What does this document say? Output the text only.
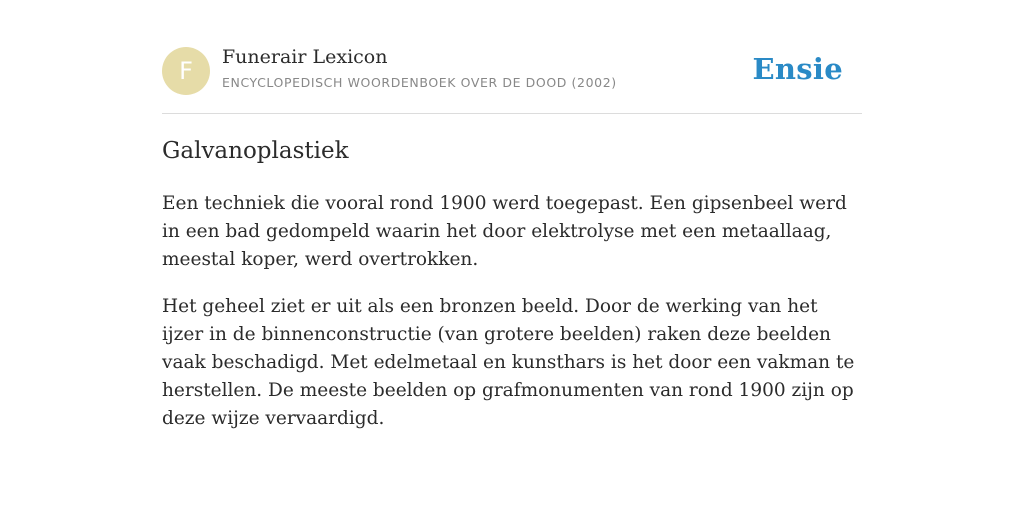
F	Funerair Lexicon
ENCYCLOPEDISCH WOORDENBOEK OVER DE DOOD (2002)	Ensie
Galvanoplastiek

Een techniek die vooral rond 1900 werd toegepast. Een gipsenbeel werd in een bad gedompeld waarin het door elektrolyse met een metaallaag, meestal koper, werd overtrokken.

Het geheel ziet er uit als een bronzen beeld. Door de werking van het ijzer in de binnenconstructie (van grotere beelden) raken deze beelden vaak beschadigd. Met edelmetaal en kunsthars is het door een vakman te herstellen. De meeste beelden op grafmonumenten van rond 1900 zijn op deze wijze vervaardigd.
